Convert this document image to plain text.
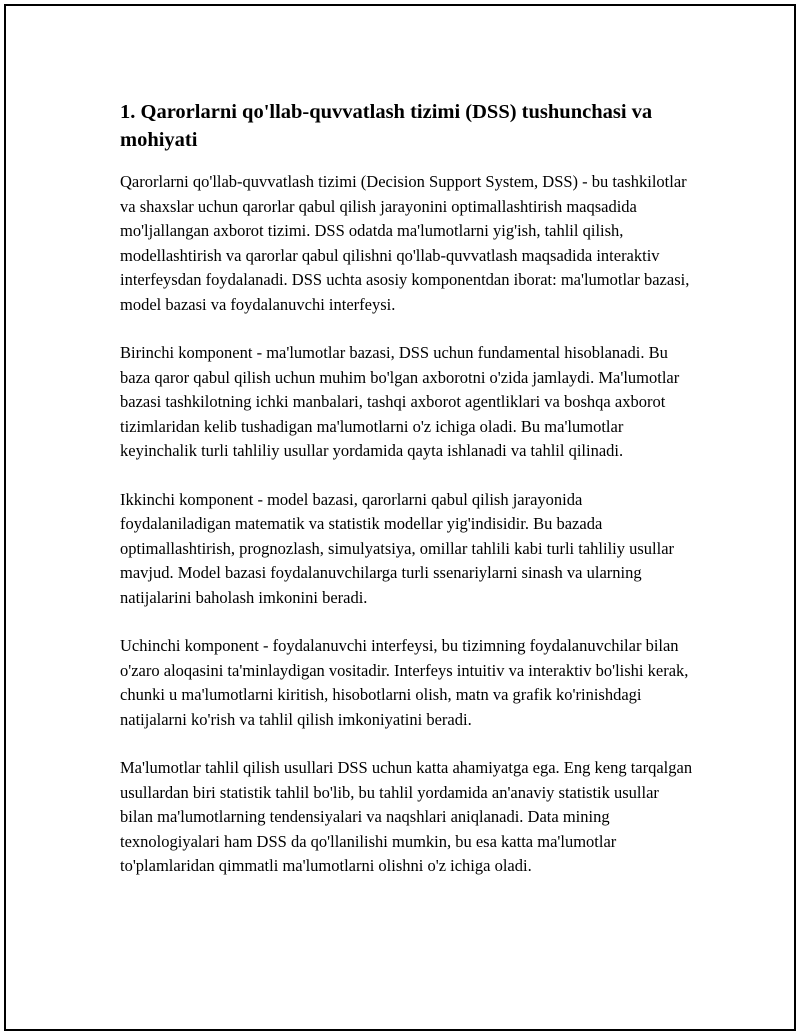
1. Qarorlarni qo'llab-quvvatlash tizimi (DSS) tushunchasi va mohiyati

Qarorlarni qo'llab-quvvatlash tizimi (Decision Support System, DSS) - bu tashkilotlar va shaxslar uchun qarorlar qabul qilish jarayonini optimallashtirish maqsadida mo'ljallangan axborot tizimi. DSS odatda ma'lumotlarni yig'ish, tahlil qilish, modellashtirish va qarorlar qabul qilishni qo'llab-quvvatlash maqsadida interaktiv interfeysdan foydalanadi. DSS uchta asosiy komponentdan iborat: ma'lumotlar bazasi, model bazasi va foydalanuvchi interfeysi.

Birinchi komponent - ma'lumotlar bazasi, DSS uchun fundamental hisoblanadi. Bu baza qaror qabul qilish uchun muhim bo'lgan axborotni o'zida jamlaydi. Ma'lumotlar bazasi tashkilotning ichki manbalari, tashqi axborot agentliklari va boshqa axborot tizimlaridan kelib tushadigan ma'lumotlarni o'z ichiga oladi. Bu ma'lumotlar keyinchalik turli tahliliy usullar yordamida qayta ishlanadi va tahlil qilinadi.

Ikkinchi komponent - model bazasi, qarorlarni qabul qilish jarayonida foydalaniladigan matematik va statistik modellar yig'indisidir. Bu bazada optimallashtirish, prognozlash, simulyatsiya, omillar tahlili kabi turli tahliliy usullar mavjud. Model bazasi foydalanuvchilarga turli ssenariylarni sinash va ularning natijalarini baholash imkonini beradi.

Uchinchi komponent - foydalanuvchi interfeysi, bu tizimning foydalanuvchilar bilan o'zaro aloqasini ta'minlaydigan vositadir. Interfeys intuitiv va interaktiv bo'lishi kerak, chunki u ma'lumotlarni kiritish, hisobotlarni olish, matn va grafik ko'rinishdagi natijalarni ko'rish va tahlil qilish imkoniyatini beradi.

Ma'lumotlar tahlil qilish usullari DSS uchun katta ahamiyatga ega. Eng keng tarqalgan usullardan biri statistik tahlil bo'lib, bu tahlil yordamida an'anaviy statistik usullar bilan ma'lumotlarning tendensiyalari va naqshlari aniqlanadi. Data mining texnologiyalari ham DSS da qo'llanilishi mumkin, bu esa katta ma'lumotlar to'plamlaridan qimmatli ma'lumotlarni olishni o'z ichiga oladi.
